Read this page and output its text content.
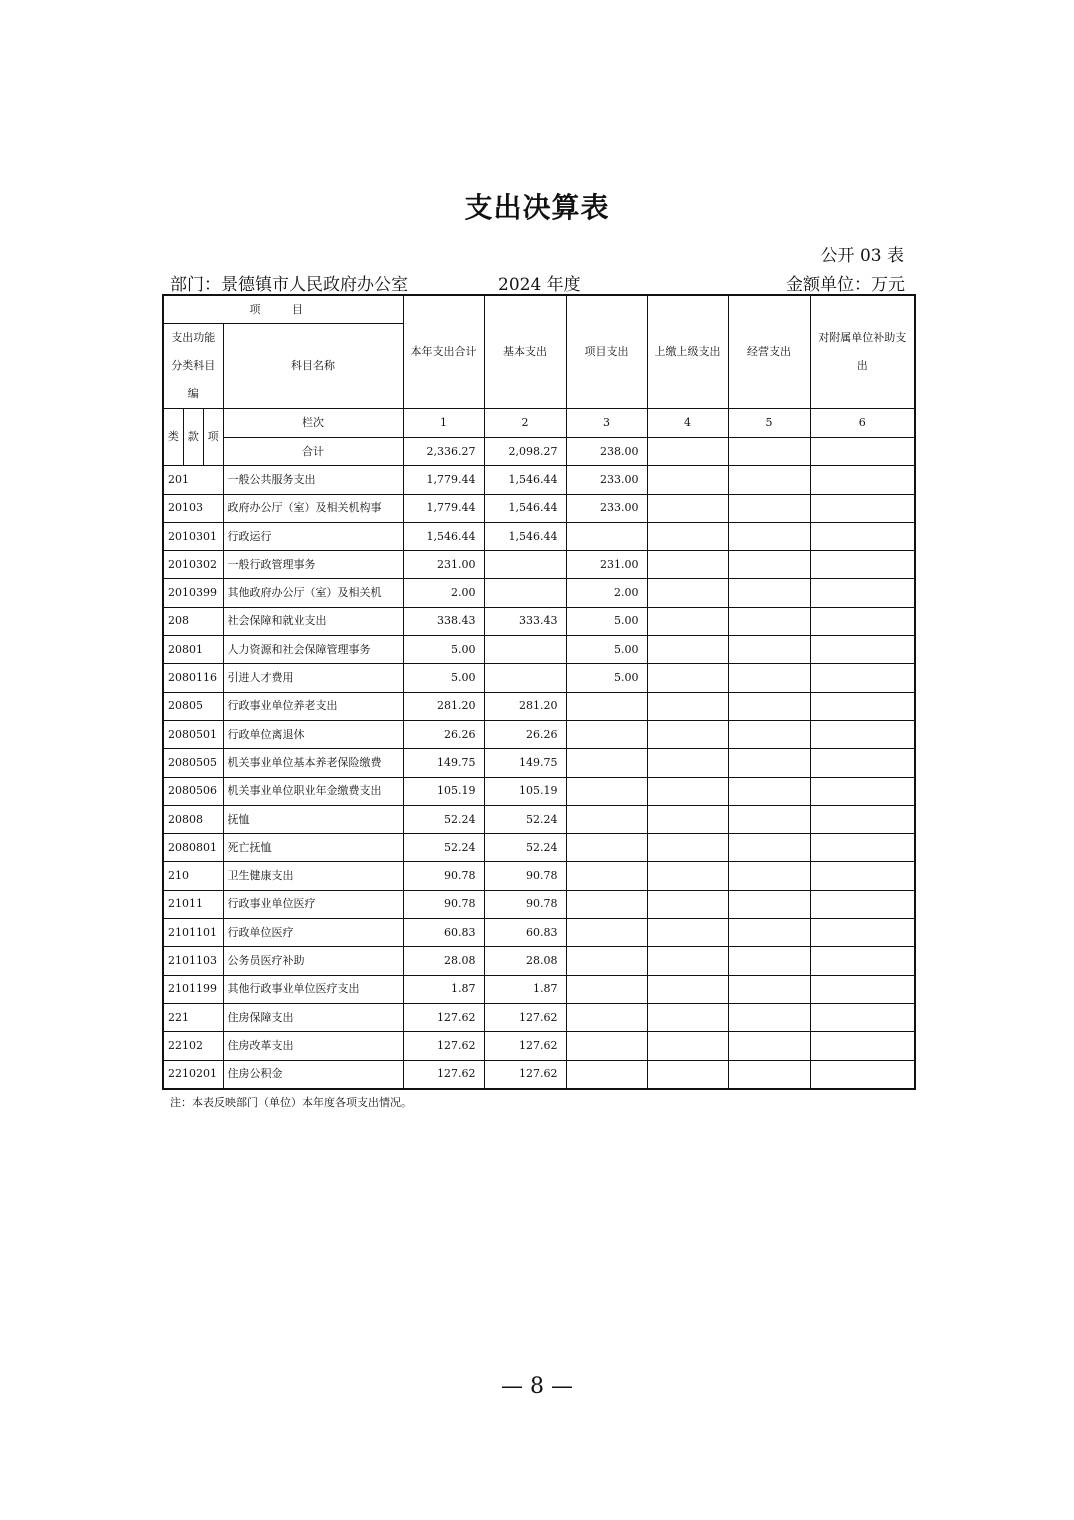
支出决算表
公开 03 表
部门：景德镇市人民政府办公室	2024 年度	金额单位：万元
项 目		本年支出合计	基本支出	项目支出	上缴上级支出	经营支出	对附属单位补助支出
支出功能分类科目编	科目名称						

类 款 项	栏次	1	2	3	4	5	6
	合计	2,336.27	2,098.27	238.00			
201	一般公共服务支出	1,779.44	1,546.44	233.00			
20103	政府办公厅（室）及相关机构事	1,779.44	1,546.44	233.00			
2010301	行政运行	1,546.44	1,546.44				
2010302	一般行政管理事务	231.00		231.00			
2010399	其他政府办公厅（室）及相关机	2.00		2.00			
208	社会保障和就业支出	338.43	333.43	5.00			
20801	人力资源和社会保障管理事务	5.00		5.00			
2080116	引进人才费用	5.00		5.00			
20805	行政事业单位养老支出	281.20	281.20				
2080501	行政单位离退休	26.26	26.26				
2080505	机关事业单位基本养老保险缴费	149.75	149.75				
2080506	机关事业单位职业年金缴费支出	105.19	105.19				
20808	抚恤	52.24	52.24				
2080801	死亡抚恤	52.24	52.24				
210	卫生健康支出	90.78	90.78				
21011	行政事业单位医疗	90.78	90.78				
2101101	行政单位医疗	60.83	60.83				
2101103	公务员医疗补助	28.08	28.08				
2101199	其他行政事业单位医疗支出	1.87	1.87				
221	住房保障支出	127.62	127.62				
22102	住房改革支出	127.62	127.62				
2210201	住房公积金	127.62	127.62				
注：本表反映部门（单位）本年度各项支出情况。
— 8 —
